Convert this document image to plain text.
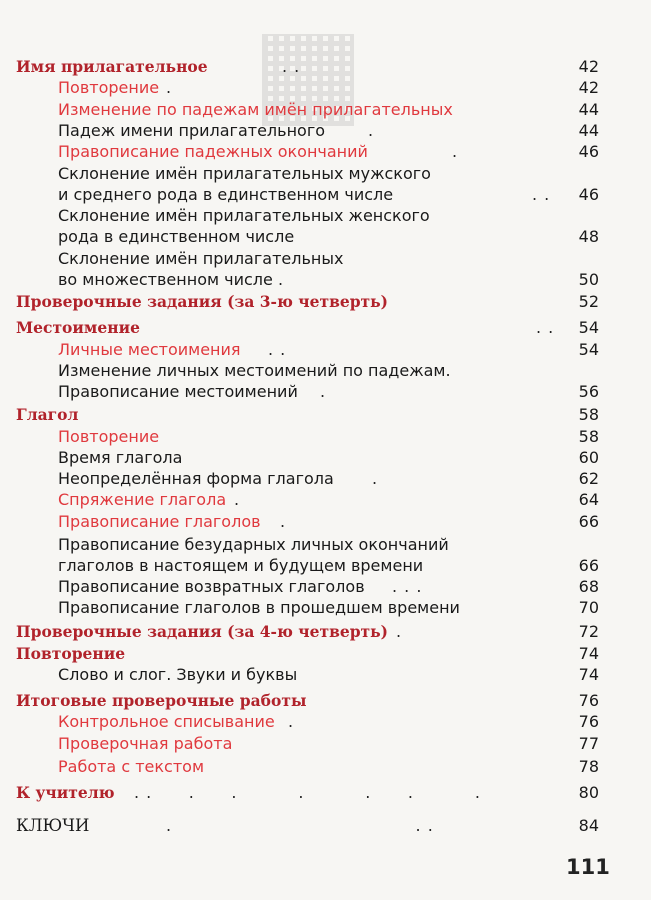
Имя прилагательное	. .	42
Повторение .	42
Изменение по падежам имён прилагательных	44
Падеж имени прилагательного	.	44
Правописание падежных окончаний	.	46
Склонение имён прилагательных мужского
и среднего рода в единственном числе	. . 46
Склонение имён прилагательных женского
рода в единственном числе	48
Склонение имён прилагательных
во множественном числе .	50
Проверочные задания (за 3-ю четверть)	52
Местоимение	. . 54
Личные местоимения . .	54
Изменение личных местоимений по падежам.
Правописание местоимений .	56
Глагол	58
Повторение	58
Время глагола	60
Неопределённая форма глагола .	62
Спряжение глагола .	64
Правописание глаголов .	66
Правописание безударных личных окончаний
глаголов в настоящем и будущем времени	66
Правописание возвратных глаголов . . .	68
Правописание глаголов в прошедшем времени	70
Проверочные задания (за 4-ю четверть) .	72
Повторение	74
Слово и слог. Звуки и буквы	74
Итоговые проверочные работы	76
Контрольное списывание .	76
Проверочная работа	77
Работа с текстом	78
К учителю . .      .      .          .          .      .          .	80
КЛЮЧИ	.                                        . .	84
111
